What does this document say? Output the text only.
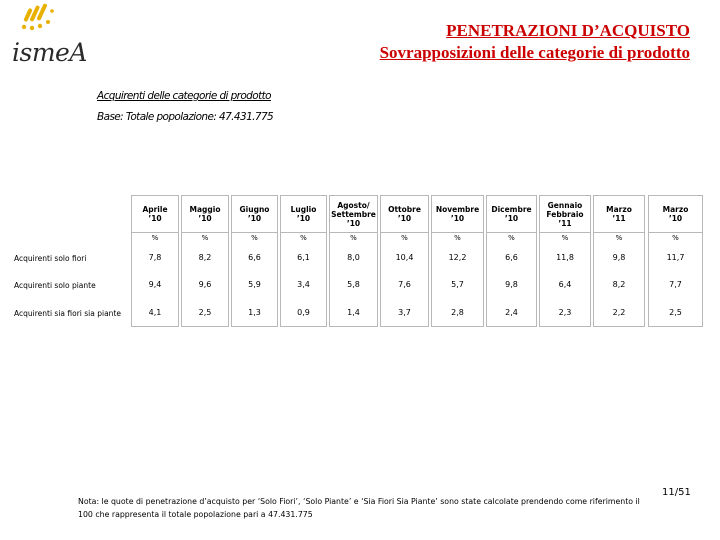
ismeA
PENETRAZIONI D’ACQUISTO
Sovrapposizioni delle categorie di prodotto
Acquirenti delle categorie di prodotto
Base: Totale popolazione: 47.431.775
Acquirenti solo fiori
Acquirenti solo piante
Acquirenti sia fiori sia piante
Aprile
’10
%
7,8
9,4
4,1
Maggio
’10
%
8,2
9,6
2,5
Giugno
’10
%
6,6
5,9
1,3
Luglio
’10
%
6,1
3,4
0,9
Agosto/
Settembre
’10
%
8,0
5,8
1,4
Ottobre
’10
%
10,4
7,6
3,7
Novembre
’10
%
12,2
5,7
2,8
Dicembre
’10
%
6,6
9,8
2,4
Gennaio
Febbraio
’11
%
11,8
6,4
2,3
Marzo
’11
%
9,8
8,2
2,2
Marzo
’10
%
11,7
7,7
2,5
Nota: le quote di penetrazione d’acquisto per ‘Solo Fiori’, ‘Solo Piante’ e ‘Sia Fiori Sia Piante’ sono state calcolate prendendo come riferimento il 100 che rappresenta il totale popolazione pari a 47.431.775
11/51
